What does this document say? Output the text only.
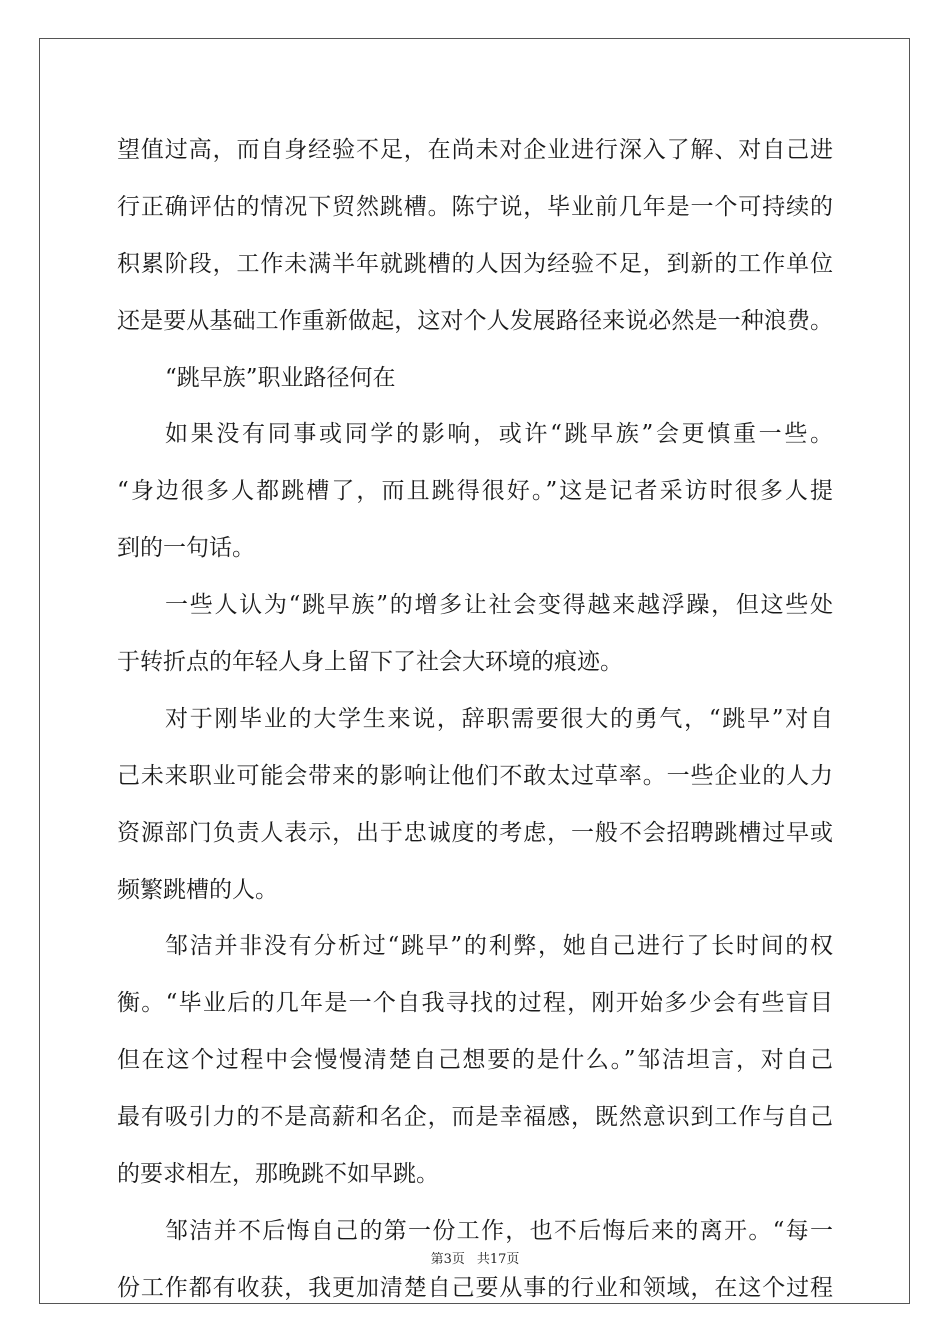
望值过高，而自身经验不足，在尚未对企业进行深入了解、对自己进
行正确评估的情况下贸然跳槽。陈宁说，毕业前几年是一个可持续的
积累阶段，工作未满半年就跳槽的人因为经验不足，到新的工作单位
还是要从基础工作重新做起，这对个人发展路径来说必然是一种浪费。
“跳早族”职业路径何在
如果没有同事或同学的影响，或许“跳早族”会更慎重一些。
“身边很多人都跳槽了，而且跳得很好。”这是记者采访时很多人提
到的一句话。
一些人认为“跳早族”的增多让社会变得越来越浮躁，但这些处
于转折点的年轻人身上留下了社会大环境的痕迹。
对于刚毕业的大学生来说，辞职需要很大的勇气，“跳早”对自
己未来职业可能会带来的影响让他们不敢太过草率。一些企业的人力
资源部门负责人表示，出于忠诚度的考虑，一般不会招聘跳槽过早或
频繁跳槽的人。
邹洁并非没有分析过“跳早”的利弊，她自己进行了长时间的权
衡。“毕业后的几年是一个自我寻找的过程，刚开始多少会有些盲目
但在这个过程中会慢慢清楚自己想要的是什么。”邹洁坦言，对自己
最有吸引力的不是高薪和名企，而是幸福感，既然意识到工作与自己
的要求相左，那晚跳不如早跳。
邹洁并不后悔自己的第一份工作，也不后悔后来的离开。“每一
份工作都有收获，我更加清楚自己要从事的行业和领域，在这个过程
第3页 共17页
